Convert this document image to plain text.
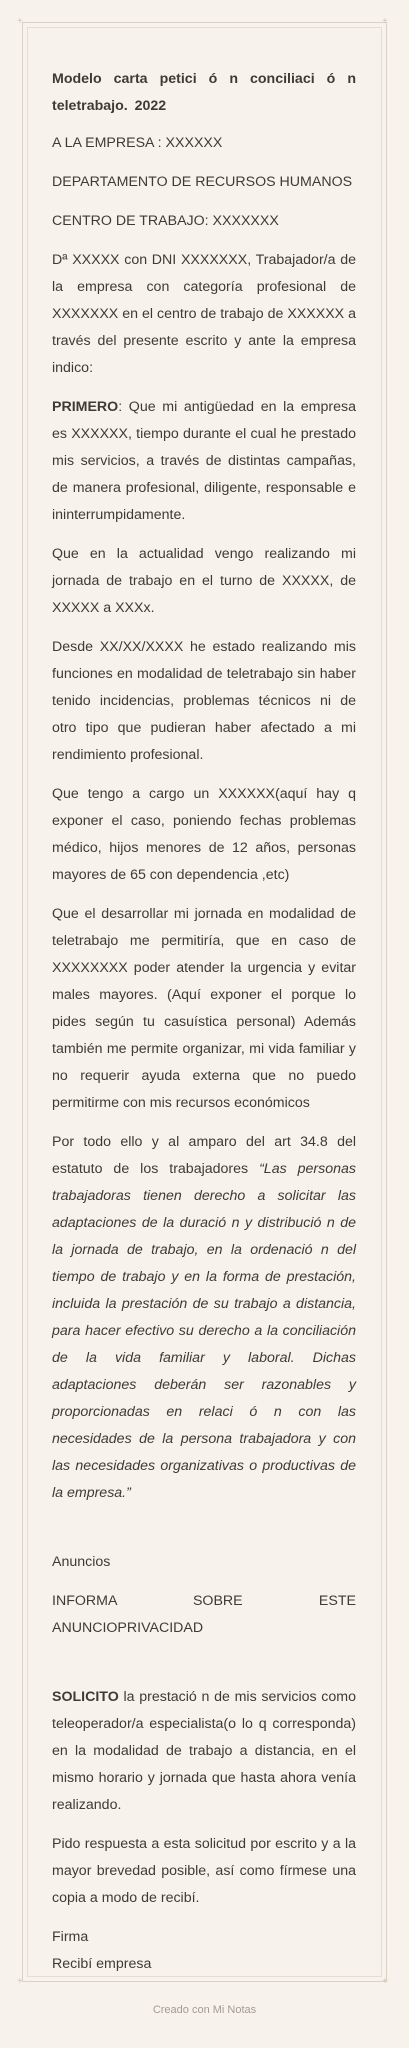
+	+
+	+

Modelo carta petici ó n conciliaci ó n teletrabajo. 2022

A LA EMPRESA : XXXXXX

DEPARTAMENTO DE RECURSOS HUMANOS

CENTRO DE TRABAJO: XXXXXXX

Dª XXXXX con DNI XXXXXXX, Trabajador/a de la empresa con categoría profesional de XXXXXXX en el centro de trabajo de XXXXXX a través del presente escrito y ante la empresa indico:

PRIMERO: Que mi antigüedad en la empresa es XXXXXX, tiempo durante el cual he prestado mis servicios, a través de distintas campañas, de manera profesional, diligente, responsable e ininterrumpidamente.

Que en la actualidad vengo realizando mi jornada de trabajo en el turno de XXXXX, de XXXXX a XXXx.

Desde XX/XX/XXXX he estado realizando mis funciones en modalidad de teletrabajo sin haber tenido incidencias, problemas técnicos ni de otro tipo que pudieran haber afectado a mi rendimiento profesional.

Que tengo a cargo un XXXXXX(aquí hay q exponer el caso, poniendo fechas problemas médico, hijos menores de 12 años, personas mayores de 65 con dependencia ,etc)

Que el desarrollar mi jornada en modalidad de teletrabajo me permitiría, que en caso de XXXXXXXX poder atender la urgencia y evitar males mayores. (Aquí exponer el porque lo pides según tu casuística personal) Además también me permite organizar, mi vida familiar y no requerir ayuda externa que no puedo permitirme con mis recursos económicos

Por todo ello y al amparo del art 34.8 del estatuto de los trabajadores “Las personas trabajadoras tienen derecho a solicitar las adaptaciones de la duració n y distribució n de la jornada de trabajo, en la ordenació n del tiempo de trabajo y en la forma de prestación, incluida la prestación de su trabajo a distancia, para hacer efectivo su derecho a la conciliación de la vida familiar y laboral. Dichas adaptaciones deberán ser razonables y proporcionadas en relaci ó n con las necesidades de la persona trabajadora y con las necesidades organizativas o productivas de la empresa.”

Anuncios

INFORMA SOBRE ESTE ANUNCIOPRIVACIDAD

SOLICITO la prestació n de mis servicios como teleoperador/a especialista(o lo q corresponda) en la modalidad de trabajo a distancia, en el mismo horario y jornada que hasta ahora venía realizando.

Pido respuesta a esta solicitud por escrito y a la mayor brevedad posible, así como fírmese una copia a modo de recibí.

Firma

Recibí empresa

Creado con Mi Notas
